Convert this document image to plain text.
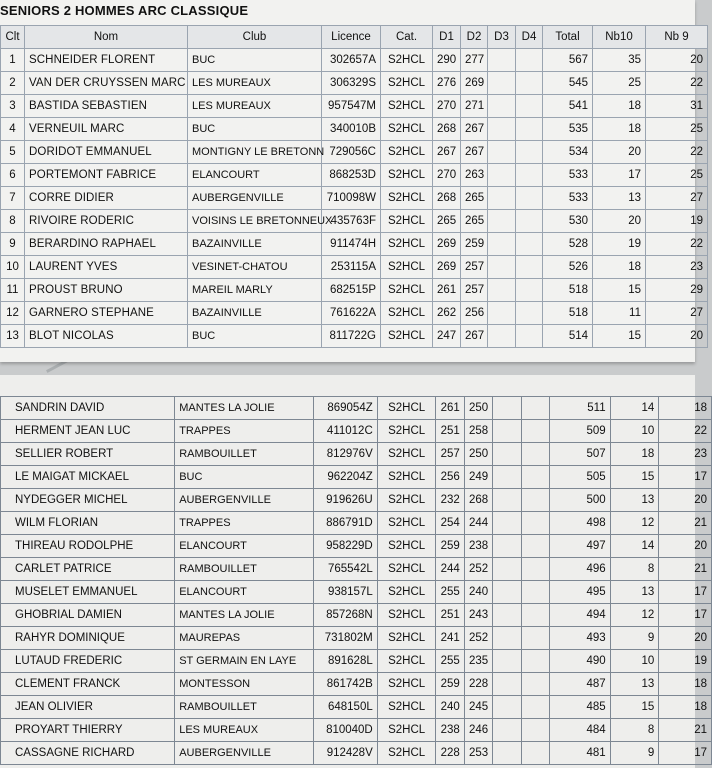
SENIORS 2 HOMMES ARC CLASSIQUE
Clt	Nom	Club	Licence	Cat.	D1	D2	D3	D4	Total	Nb10	Nb 9
1	SCHNEIDER FLORENT	BUC	302657A	S2HCL	290	277			567	35	20
2	VAN DER CRUYSSEN MARC	LES MUREAUX	306329S	S2HCL	276	269			545	25	22
3	BASTIDA SEBASTIEN	LES MUREAUX	957547M	S2HCL	270	271			541	18	31
4	VERNEUIL MARC	BUC	340010B	S2HCL	268	267			535	18	25
5	DORIDOT EMMANUEL	MONTIGNY LE BRETONN	729056C	S2HCL	267	267			534	20	22
6	PORTEMONT FABRICE	ELANCOURT	868253D	S2HCL	270	263			533	17	25
7	CORRE DIDIER	AUBERGENVILLE	710098W	S2HCL	268	265			533	13	27
8	RIVOIRE RODERIC	VOISINS LE BRETONNEUX	435763F	S2HCL	265	265			530	20	19
9	BERARDINO RAPHAEL	BAZAINVILLE	911474H	S2HCL	269	259			528	19	22
10	LAURENT YVES	VESINET-CHATOU	253115A	S2HCL	269	257			526	18	23
11	PROUST BRUNO	MAREIL MARLY	682515P	S2HCL	261	257			518	15	29
12	GARNERO STEPHANE	BAZAINVILLE	761622A	S2HCL	262	256			518	11	27
13	BLOT NICOLAS	BUC	811722G	S2HCL	247	267			514	15	20
SANDRIN DAVID	MANTES LA JOLIE	869054Z	S2HCL	261	250			511	14	18
HERMENT JEAN LUC	TRAPPES	411012C	S2HCL	251	258			509	10	22
SELLIER ROBERT	RAMBOUILLET	812976V	S2HCL	257	250			507	18	23
LE MAIGAT MICKAEL	BUC	962204Z	S2HCL	256	249			505	15	17
NYDEGGER MICHEL	AUBERGENVILLE	919626U	S2HCL	232	268			500	13	20
WILM FLORIAN	TRAPPES	886791D	S2HCL	254	244			498	12	21
THIREAU RODOLPHE	ELANCOURT	958229D	S2HCL	259	238			497	14	20
CARLET PATRICE	RAMBOUILLET	765542L	S2HCL	244	252			496	8	21
MUSELET EMMANUEL	ELANCOURT	938157L	S2HCL	255	240			495	13	17
GHOBRIAL DAMIEN	MANTES LA JOLIE	857268N	S2HCL	251	243			494	12	17
RAHYR DOMINIQUE	MAUREPAS	731802M	S2HCL	241	252			493	9	20
LUTAUD FREDERIC	ST GERMAIN EN LAYE	891628L	S2HCL	255	235			490	10	19
CLEMENT FRANCK	MONTESSON	861742B	S2HCL	259	228			487	13	18
JEAN OLIVIER	RAMBOUILLET	648150L	S2HCL	240	245			485	15	18
PROYART THIERRY	LES MUREAUX	810040D	S2HCL	238	246			484	8	21
CASSAGNE RICHARD	AUBERGENVILLE	912428V	S2HCL	228	253			481	9	17
